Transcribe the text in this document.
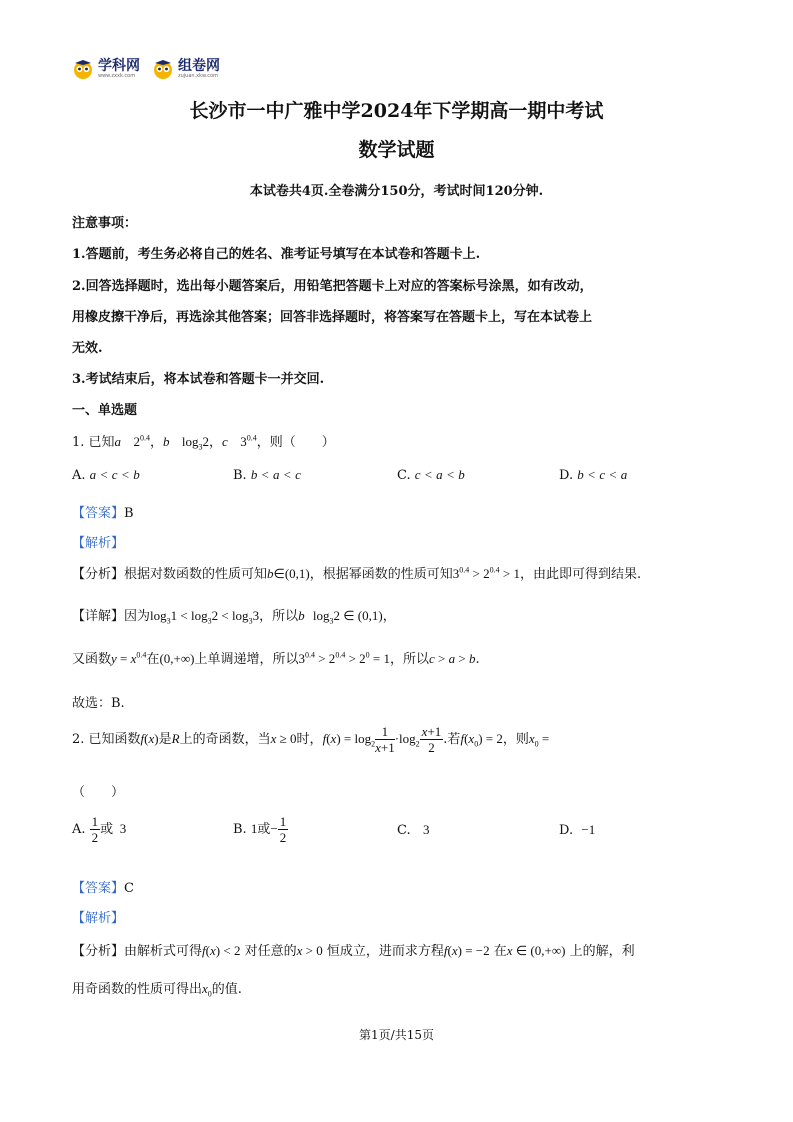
学科网
www.zxxk.com
组卷网
zujuan.xkw.com
长沙市一中广雅中学2024年下学期高一期中考试
数学试题
本试卷共4页.全卷满分150分，考试时间120分钟.
注意事项：
1.答题前，考生务必将自己的姓名、准考证号填写在本试卷和答题卡上.
2.回答选择题时，选出每小题答案后，用铅笔把答题卡上对应的答案标号涂黑，如有改动，
用橡皮擦干净后，再选涂其他答案；回答非选择题时，将答案写在答题卡上，写在本试卷上
无效.
3.考试结束后，将本试卷和答题卡一并交回.
一、单选题
1. 已知a $2^{0.4}$，b $\log_32$，c $3^{0.4}$，则（　　）
A. a < c < b	B. b < a < c	C. c < a < b	D. b < c < a
【答案】B
【解析】
【分析】根据对数函数的性质可知b∈(0,1)，根据幂函数的性质可知$3^{0.4} > 2^{0.4} > 1$，由此即可得到结果.
【详解】因为$\log_31 < \log_32 < \log_33$，所以b $\log_32$ ∈ (0,1)，
又函数$y = x^{0.4}$在(0,+∞)上单调递增，所以$3^{0.4} > 2^{0.4} > 2^0 = 1$，所以c > a > b.
故选：B.
2. 已知函数f(x)是R上的奇函数，当x ≥ 0时，$f(x) = \log_2 \frac{1}{x+1} \cdot\log_2 \frac{x+1}{2}$ .若$f(x_0) = 2$，则$x_0$ =
（　　）
A. $\frac{1}{2}$ 或  3	B. 1或− $\frac{1}{2}$	C. 3	D. −1
【答案】C
【解析】
【分析】由解析式可得f(x) < 2 对任意的x > 0 恒成立，进而求方程f(x) = −2 在x ∈ (0,+∞) 上的解，利
用奇函数的性质可得出$x_0$的值.
第1页/共15页
